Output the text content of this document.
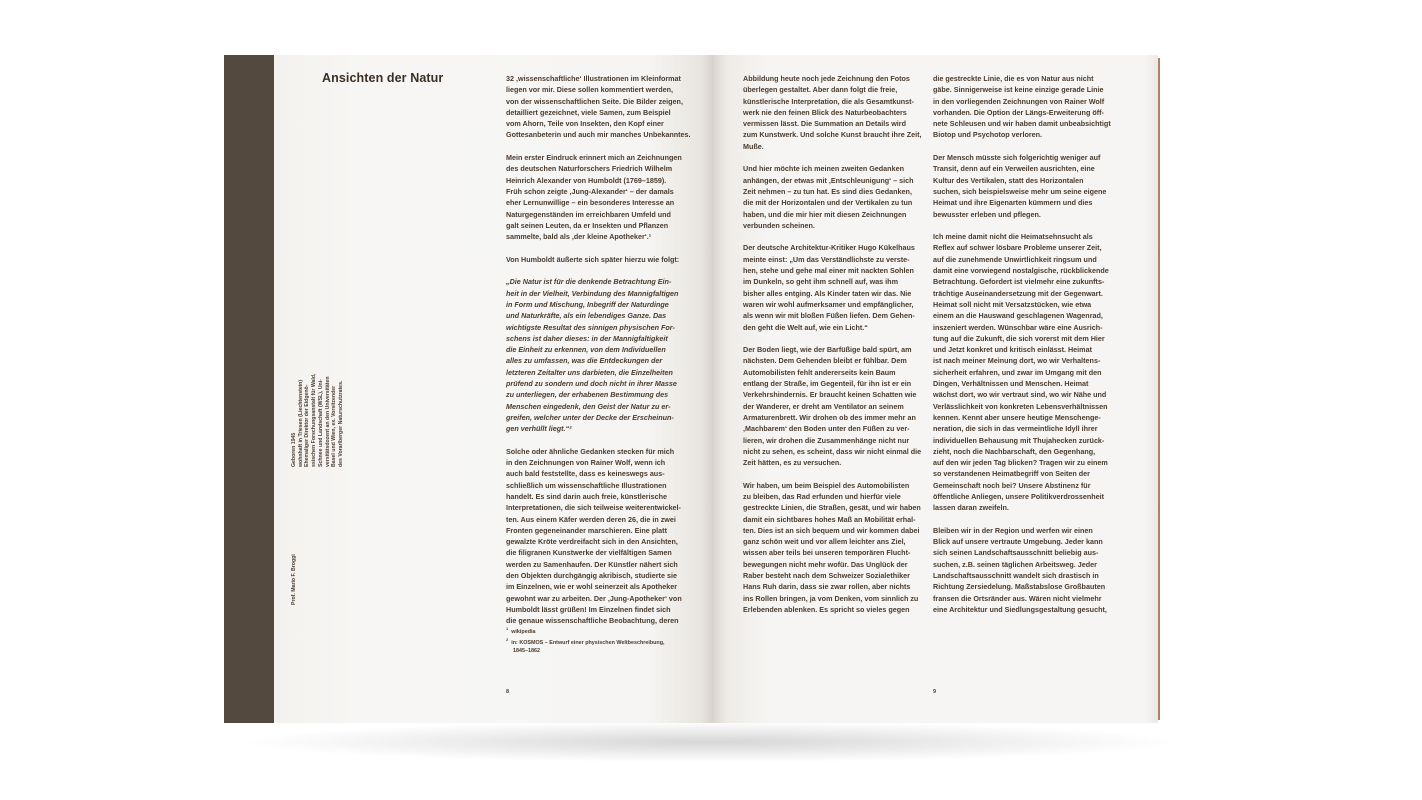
Ansichten der Natur
Prof. Mario F. Broggi
Geboren 1945 wohnhaft in Triesen (Liechtenstein) Ehemaliger Direktor der Eidgenö- ssischen Forschungsanstalt für Wald, Schnee und Landschaft (WSL), Uni- versitätsdozent an den Universitäten Basel und Wien, ex. Vorsitzender des Vorarlberger Naturschutzrates.

32 ‚wissenschaftliche‘ Illustrationen im Kleinformat
liegen vor mir. Diese sollen kommentiert werden,
von der wissenschaftlichen Seite. Die Bilder zeigen,
detailliert gezeichnet, viele Samen, zum Beispiel
vom Ahorn, Teile von Insekten, den Kopf einer
Gottesanbeterin und auch mir manches Unbekanntes.

Mein erster Eindruck erinnert mich an Zeichnungen
des deutschen Naturforschers Friedrich Wilhelm
Heinrich Alexander von Humboldt (1769–1859).
Früh schon zeigte ‚Jung-Alexander‘ – der damals
eher Lernunwillige – ein besonderes Interesse an
Naturgegenständen im erreichbaren Umfeld und
galt seinen Leuten, da er Insekten und Pflanzen
sammelte, bald als ‚der kleine Apotheker‘.¹

Von Humboldt äußerte sich später hierzu wie folgt:

„Die Natur ist für die denkende Betrachtung Ein-
heit in der Vielheit, Verbindung des Mannigfaltigen
in Form und Mischung, Inbegriff der Naturdinge
und Naturkräfte, als ein lebendiges Ganze. Das
wichtigste Resultat des sinnigen physischen For-
schens ist daher dieses: in der Mannigfaltigkeit
die Einheit zu erkennen, von dem Individuellen
alles zu umfassen, was die Entdeckungen der
letzteren Zeitalter uns darbieten, die Einzelheiten
prüfend zu sondern und doch nicht in ihrer Masse
zu unterliegen, der erhabenen Bestimmung des
Menschen eingedenk, den Geist der Natur zu er-
greifen, welcher unter der Decke der Erscheinun-
gen verhüllt liegt.“²

Solche oder ähnliche Gedanken stecken für mich
in den Zeichnungen von Rainer Wolf, wenn ich
auch bald feststellte, dass es keineswegs aus-
schließlich um wissenschaftliche Illustrationen
handelt. Es sind darin auch freie, künstlerische
Interpretationen, die sich teilweise weiterentwickel-
ten. Aus einem Käfer werden deren 26, die in zwei
Fronten gegeneinander marschieren. Eine platt
gewalzte Kröte verdreifacht sich in den Ansichten,
die filigranen Kunstwerke der vielfältigen Samen
werden zu Samenhaufen. Der Künstler nähert sich
den Objekten durchgängig akribisch, studierte sie
im Einzelnen, wie er wohl seinerzeit als Apotheker
gewohnt war zu arbeiten. Der ‚Jung-Apotheker‘ von
Humboldt lässt grüßen! Im Einzelnen findet sich
die genaue wissenschaftliche Beobachtung, deren

Abbildung heute noch jede Zeichnung den Fotos
überlegen gestaltet. Aber dann folgt die freie,
künstlerische Interpretation, die als Gesamtkunst-
werk nie den feinen Blick des Naturbeobachters
vermissen lässt. Die Summation an Details wird
zum Kunstwerk. Und solche Kunst braucht ihre Zeit,
Muße.

Und hier möchte ich meinen zweiten Gedanken
anhängen, der etwas mit ‚Entschleunigung‘ – sich
Zeit nehmen – zu tun hat. Es sind dies Gedanken,
die mit der Horizontalen und der Vertikalen zu tun
haben, und die mir hier mit diesen Zeichnungen
verbunden scheinen.

Der deutsche Architektur-Kritiker Hugo Kükelhaus
meinte einst: „Um das Verständlichste zu verste-
hen, stehe und gehe mal einer mit nackten Sohlen
im Dunkeln, so geht ihm schnell auf, was ihm
bisher alles entging. Als Kinder taten wir das. Nie
waren wir wohl aufmerksamer und empfänglicher,
als wenn wir mit bloßen Füßen liefen. Dem Gehen-
den geht die Welt auf, wie ein Licht.“

Der Boden liegt, wie der Barfüßige bald spürt, am
nächsten. Dem Gehenden bleibt er fühlbar. Dem
Automobilisten fehlt andererseits kein Baum
entlang der Straße, im Gegenteil, für ihn ist er ein
Verkehrshindernis. Er braucht keinen Schatten wie
der Wanderer, er dreht am Ventilator an seinem
Armaturenbrett. Wir drohen ob des immer mehr an
‚Machbarem‘ den Boden unter den Füßen zu ver-
lieren, wir drohen die Zusammenhänge nicht nur
nicht zu sehen, es scheint, dass wir nicht einmal die
Zeit hätten, es zu versuchen.

Wir haben, um beim Beispiel des Automobilisten
zu bleiben, das Rad erfunden und hierfür viele
gestreckte Linien, die Straßen, gesät, und wir haben
damit ein sichtbares hohes Maß an Mobilität erhal-
ten. Dies ist an sich bequem und wir kommen dabei
ganz schön weit und vor allem leichter ans Ziel,
wissen aber teils bei unseren temporären Flucht-
bewegungen nicht mehr wofür. Das Unglück der
Raber besteht nach dem Schweizer Sozialethiker
Hans Ruh darin, dass sie zwar rollen, aber nichts
ins Rollen bringen, ja vom Denken, vom sinnlich zu
Erlebenden ablenken. Es spricht so vieles gegen

die gestreckte Linie, die es von Natur aus nicht
gäbe. Sinnigerweise ist keine einzige gerade Linie
in den vorliegenden Zeichnungen von Rainer Wolf
vorhanden. Die Option der Längs-Erweiterung öff-
nete Schleusen und wir haben damit unbeabsichtigt
Biotop und Psychotop verloren.

Der Mensch müsste sich folgerichtig weniger auf
Transit, denn auf ein Verweilen ausrichten, eine
Kultur des Vertikalen, statt des Horizontalen
suchen, sich beispielsweise mehr um seine eigene
Heimat und ihre Eigenarten kümmern und dies
bewusster erleben und pflegen.

Ich meine damit nicht die Heimatsehnsucht als
Reflex auf schwer lösbare Probleme unserer Zeit,
auf die zunehmende Unwirtlichkeit ringsum und
damit eine vorwiegend nostalgische, rückblickende
Betrachtung. Gefordert ist vielmehr eine zukunfts-
trächtige Auseinandersetzung mit der Gegenwart.
Heimat soll nicht mit Versatzstücken, wie etwa
einem an die Hauswand geschlagenen Wagenrad,
inszeniert werden. Wünschbar wäre eine Ausrich-
tung auf die Zukunft, die sich vorerst mit dem Hier
und Jetzt konkret und kritisch einlässt. Heimat
ist nach meiner Meinung dort, wo wir Verhaltens-
sicherheit erfahren, und zwar im Umgang mit den
Dingen, Verhältnissen und Menschen. Heimat
wächst dort, wo wir vertraut sind, wo wir Nähe und
Verlässlichkeit von konkreten Lebensverhältnissen
kennen. Kennt aber unsere heutige Menschenge-
neration, die sich in das vermeintliche Idyll ihrer
individuellen Behausung mit Thujahecken zurück-
zieht, noch die Nachbarschaft, den Gegenhang,
auf den wir jeden Tag blicken? Tragen wir zu einem
so verstandenen Heimatbegriff von Seiten der
Gemeinschaft noch bei? Unsere Abstinenz für
öffentliche Anliegen, unsere Politikverdrossenheit
lassen daran zweifeln.

Bleiben wir in der Region und werfen wir einen
Blick auf unsere vertraute Umgebung. Jeder kann
sich seinen Landschaftsausschnitt beliebig aus-
suchen, z.B. seinen täglichen Arbeitsweg. Jeder
Landschaftsausschnitt wandelt sich drastisch in
Richtung Zersiedelung. Maßstabslose Großbauten
fransen die Ortsränder aus. Wären nicht vielmehr
eine Architektur und Siedlungsgestaltung gesucht,

$^1$wikipedia
$^2$in: KOSMOS – Entwurf einer physischen Weltbeschreibung,
1845–1862
8	9
